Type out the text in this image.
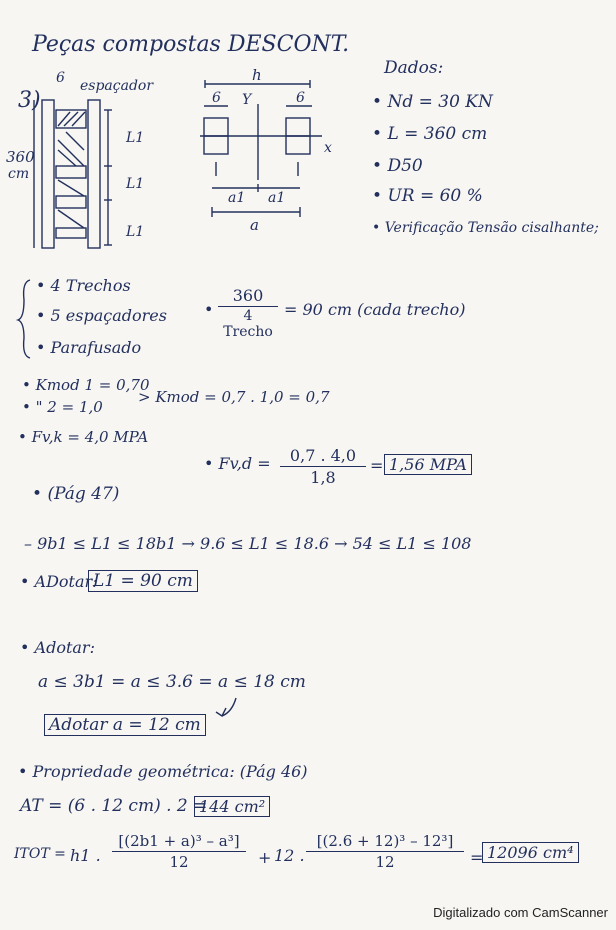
Peças compostas DESCONT.
3)
6 espaçador
360
cm
L1
L1
L1
h
6	6
Y
x
a1 a1
a
Dados:
• Nd = 30 KN
• L = 360 cm
• D50
• UR = 60 %
• Verificação Tensão cisalhante;
• 4 Trechos
• 5 espaçadores
• Parafusado
•
360
4 Trecho
= 90 cm (cada trecho)
• Kmod 1 = 0,70
• " 2 = 1,0
> Kmod = 0,7 . 1,0 = 0,7
• Fv,k = 4,0 MPA
• $Fv,d = \frac{0,7 . 4,0}{1,8} = 1,56$ MPA
• (Pág 47)
– 9b1 ≤ L1 ≤ 18b1 → 9.6 ≤ L1 ≤ 18.6 → 54 ≤ L1 ≤ 108
• ADotar:
L1 = 90 cm
• Adotar:
a ≤ 3b1 = a ≤ 3.6 = a ≤ 18 cm
Adotar a = 12 cm
• Propriedade geométrica: (Pág 46)
AT = (6 . 12 cm) . 2 =
144 cm²
ITOT = h1 . $\frac{\text{[(2b1 + a)³ – a³]}}{12} + 12$ . $\frac{\text{[(2.6 + 12)³ – 12³]}}{12} = 12096$ cm⁴
Digitalizado com CamScanner
